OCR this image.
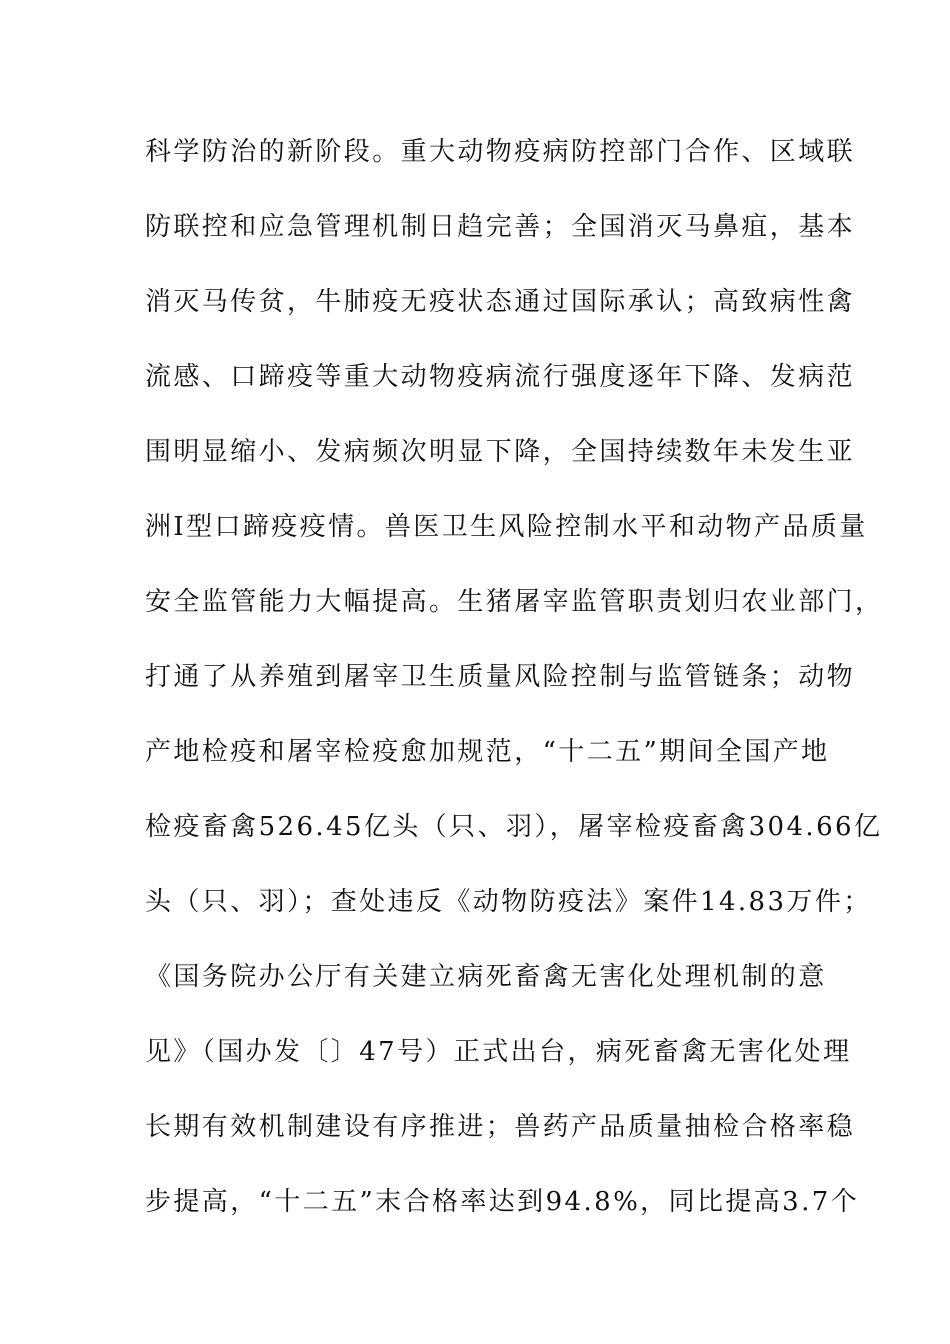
科学防治的新阶段。重大动物疫病防控部门合作、区域联
防联控和应急管理机制日趋完善；全国消灭马鼻疽，基本
消灭马传贫，牛肺疫无疫状态通过国际承认；高致病性禽
流感、口蹄疫等重大动物疫病流行强度逐年下降、发病范
围明显缩小、发病频次明显下降，全国持续数年未发生亚
洲I型口蹄疫疫情。兽医卫生风险控制水平和动物产品质量
安全监管能力大幅提高。生猪屠宰监管职责划归农业部门，
打通了从养殖到屠宰卫生质量风险控制与监管链条；动物
产地检疫和屠宰检疫愈加规范，“十二五”期间全国产地
检疫畜禽526.45亿头（只、羽），屠宰检疫畜禽304.66亿
头（只、羽）；查处违反《动物防疫法》案件14.83万件；
《国务院办公厅有关建立病死畜禽无害化处理机制的意
见》（国办发〔〕47号）正式出台，病死畜禽无害化处理
长期有效机制建设有序推进；兽药产品质量抽检合格率稳
步提高，“十二五”末合格率达到94.8%，同比提高3.7个
